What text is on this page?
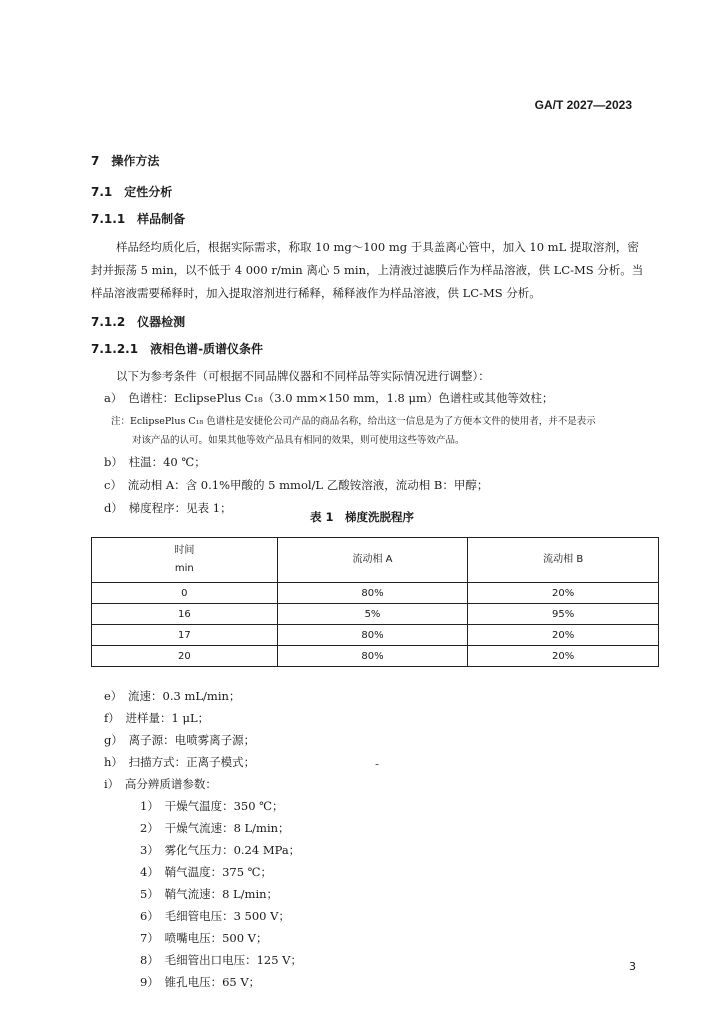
GA/T 2027—2023
7　操作方法
7.1　定性分析
7.1.1　样品制备
样品经均质化后，根据实际需求，称取 10 mg～100 mg 于具盖离心管中，加入 10 mL 提取溶剂，密
封并振荡 5 min，以不低于 4 000 r/min 离心 5 min，上清液过滤膜后作为样品溶液，供 LC-MS 分析。当
样品溶液需要稀释时，加入提取溶剂进行稀释，稀释液作为样品溶液，供 LC-MS 分析。
7.1.2　仪器检测
7.1.2.1　液相色谱-质谱仪条件
以下为参考条件（可根据不同品牌仪器和不同样品等实际情况进行调整）：
a）　色谱柱：EclipsePlus C₁₈（3.0 mm×150 mm，1.8 μm）色谱柱或其他等效柱；
注：EclipsePlus C₁₈ 色谱柱是安捷伦公司产品的商品名称，给出这一信息是为了方便本文件的使用者，并不是表示
对该产品的认可。如果其他等效产品具有相同的效果，则可使用这些等效产品。
b）　柱温：40 ℃；
c）　流动相 A：含 0.1%甲酸的 5 mmol/L 乙酸铵溶液，流动相 B：甲醇；
d）　梯度程序：见表 1；
表 1　梯度洗脱程序
时间
min	流动相 A	流动相 B
0	80%	20%
16	5%	95%
17	80%	20%
20	80%	20%
e）　流速：0.3 mL/min；
f）　进样量：1 μL；
g）　离子源：电喷雾离子源；
h）　扫描方式：正离子模式；
i）　高分辨质谱参数：
-
1）　干燥气温度：350 ℃；
2）　干燥气流速：8 L/min；
3）　雾化气压力：0.24 MPa；
4）　鞘气温度：375 ℃；
5）　鞘气流速：8 L/min；
6）　毛细管电压：3 500 V；
7）　喷嘴电压：500 V；
8）　毛细管出口电压：125 V；
9）　锥孔电压：65 V；
3
